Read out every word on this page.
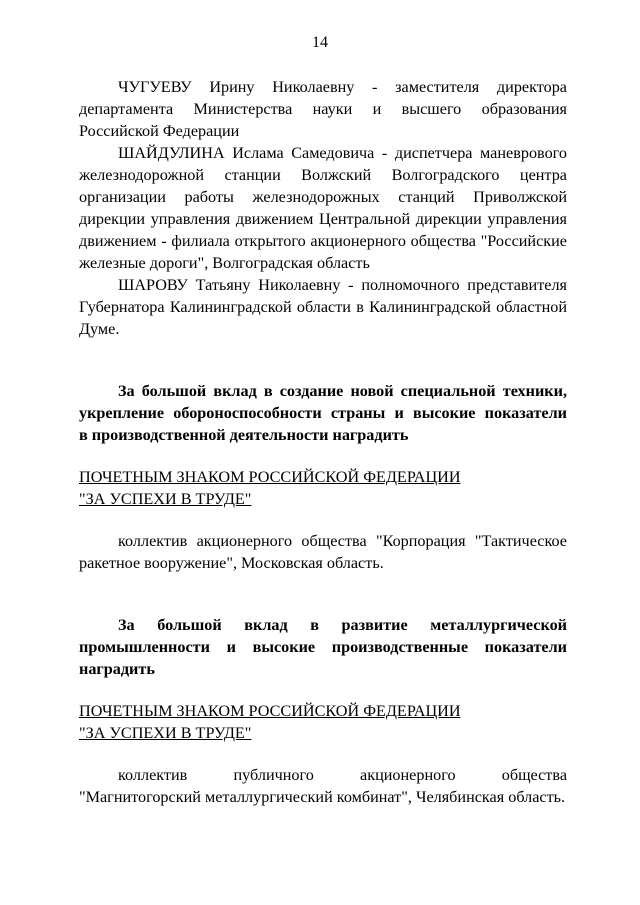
14

ЧУГУЕВУ Ирину Николаевну - заместителя директора

департамента Министерства науки и высшего образования

Российской Федерации

ШАЙДУЛИНА Ислама Самедовича - диспетчера маневрового

железнодорожной станции Волжский Волгоградского центра

организации работы железнодорожных станций Приволжской

дирекции управления движением Центральной дирекции управления

движением - филиала открытого акционерного общества "Российские

железные дороги", Волгоградская область

ШАРОВУ Татьяну Николаевну - полномочного представителя

Губернатора Калининградской области в Калининградской областной

Думе.

За большой вклад в создание новой специальной техники,

укрепление обороноспособности страны и высокие показатели

в производственной деятельности наградить

ПОЧЕТНЫМ ЗНАКОМ РОССИЙСКОЙ ФЕДЕРАЦИИ

"ЗА УСПЕХИ В ТРУДЕ"

коллектив акционерного общества "Корпорация "Тактическое

ракетное вооружение", Московская область.

За большой вклад в развитие металлургической

промышленности и высокие производственные показатели

наградить

ПОЧЕТНЫМ ЗНАКОМ РОССИЙСКОЙ ФЕДЕРАЦИИ

"ЗА УСПЕХИ В ТРУДЕ"

коллектив публичного акционерного общества

"Магнитогорский металлургический комбинат", Челябинская область.
